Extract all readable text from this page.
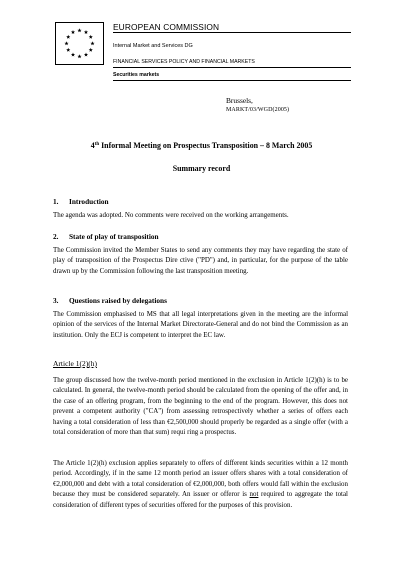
EUROPEAN COMMISSION
Internal Market and Services DG
FINANCIAL SERVICES POLICY AND FINANCIAL MARKETS
Securities markets
Brussels,
MARKT/03/WGD(2005)
4th Informal Meeting on Prospectus Transposition – 8 March 2005
Summary record
1. Introduction
The agenda was adopted. No comments were received on the working arrangements.
2. State of play of transposition
The Commission invited the Member States to send any comments they may have regarding the state of play of transposition of the Prospectus Dire ctive ("PD") and, in particular, for the purpose of the table drawn up by the Commission following the last transposition meeting.
3. Questions raised by delegations
The Commission emphasised to MS that all legal interpretations given in the meeting are the informal opinion of the services of the Internal Market Directorate-General and do not bind the Commission as an institution. Only the ECJ is competent to interpret the EC law.
Article 1(2)(h)
The group discussed how the twelve-month period mentioned in the exclusion in Article 1(2)(h) is to be calculated. In general, the twelve-month period should be calculated from the opening of the offer and, in the case of an offering program, from the beginning to the end of the program. However, this does not prevent a competent authority ("CA") from assessing retrospectively whether a series of offers each having a total consideration of less than €2,500,000 should properly be regarded as a single offer (with a total consideration of more than that sum) requi ring a prospectus.
The Article 1(2)(h) exclusion applies separately to offers of different kinds securities within a 12 month period. Accordingly, if in the same 12 month period an issuer offers shares with a total consideration of €2,000,000 and debt with a total consideration of €2,000,000, both offers would fall within the exclusion because they must be considered separately. An issuer or offeror is not required to aggregate the total consideration of different types of securities offered for the purposes of this provision.
